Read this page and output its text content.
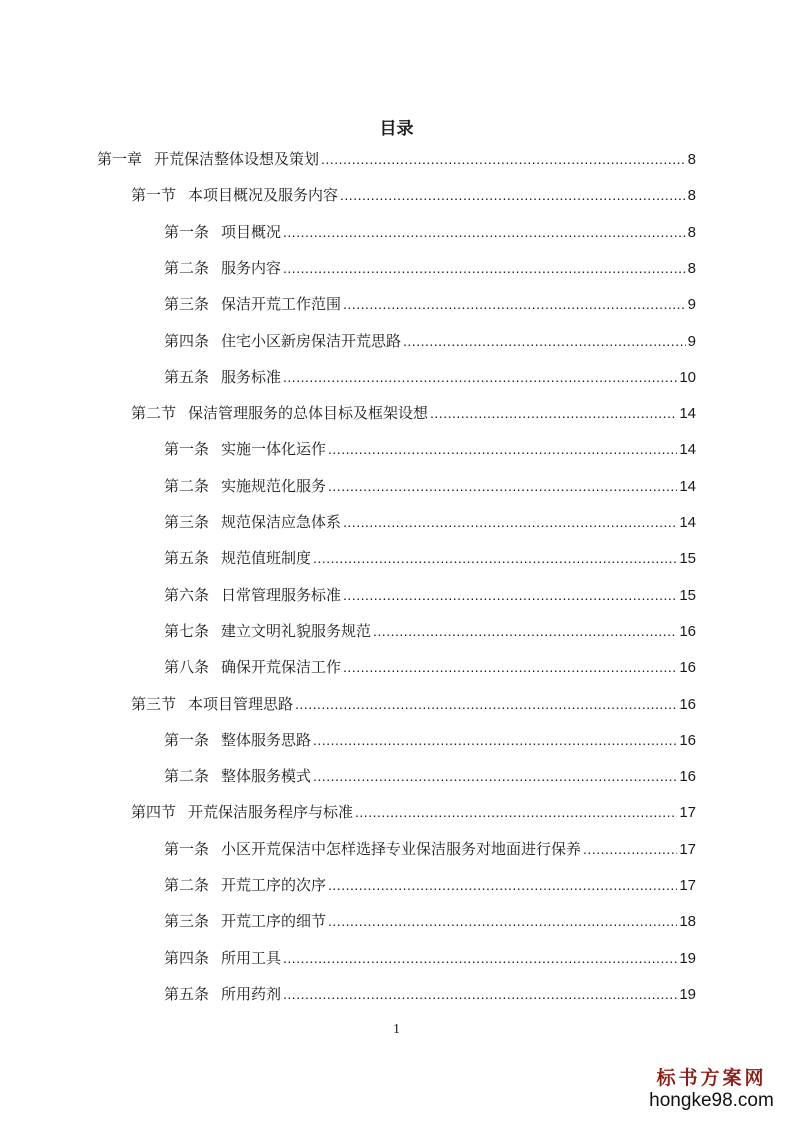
目录
第一章 开荒保洁整体设想及策划 .....	8
第一节 本项目概况及服务内容 .....	8
第一条 项目概况 .....	8
第二条 服务内容 .....	8
第三条 保洁开荒工作范围 .....	9
第四条 住宅小区新房保洁开荒思路 .....	9
第五条 服务标准 .....	10
第二节 保洁管理服务的总体目标及框架设想 .....	14
第一条 实施一体化运作 .....	14
第二条 实施规范化服务 .....	14
第三条 规范保洁应急体系 .....	14
第五条 规范值班制度 .....	15
第六条 日常管理服务标准 .....	15
第七条 建立文明礼貌服务规范 .....	16
第八条 确保开荒保洁工作 .....	16
第三节 本项目管理思路 .....	16
第一条 整体服务思路 .....	16
第二条 整体服务模式 .....	16
第四节 开荒保洁服务程序与标准 .....	17
第一条 小区开荒保洁中怎样选择专业保洁服务对地面进行保养 .....	17
第二条 开荒工序的次序 .....	17
第三条 开荒工序的细节 .....	18
第四条 所用工具 .....	19
第五条 所用药剂 .....	19
1
标书方案网
hongke98.com
